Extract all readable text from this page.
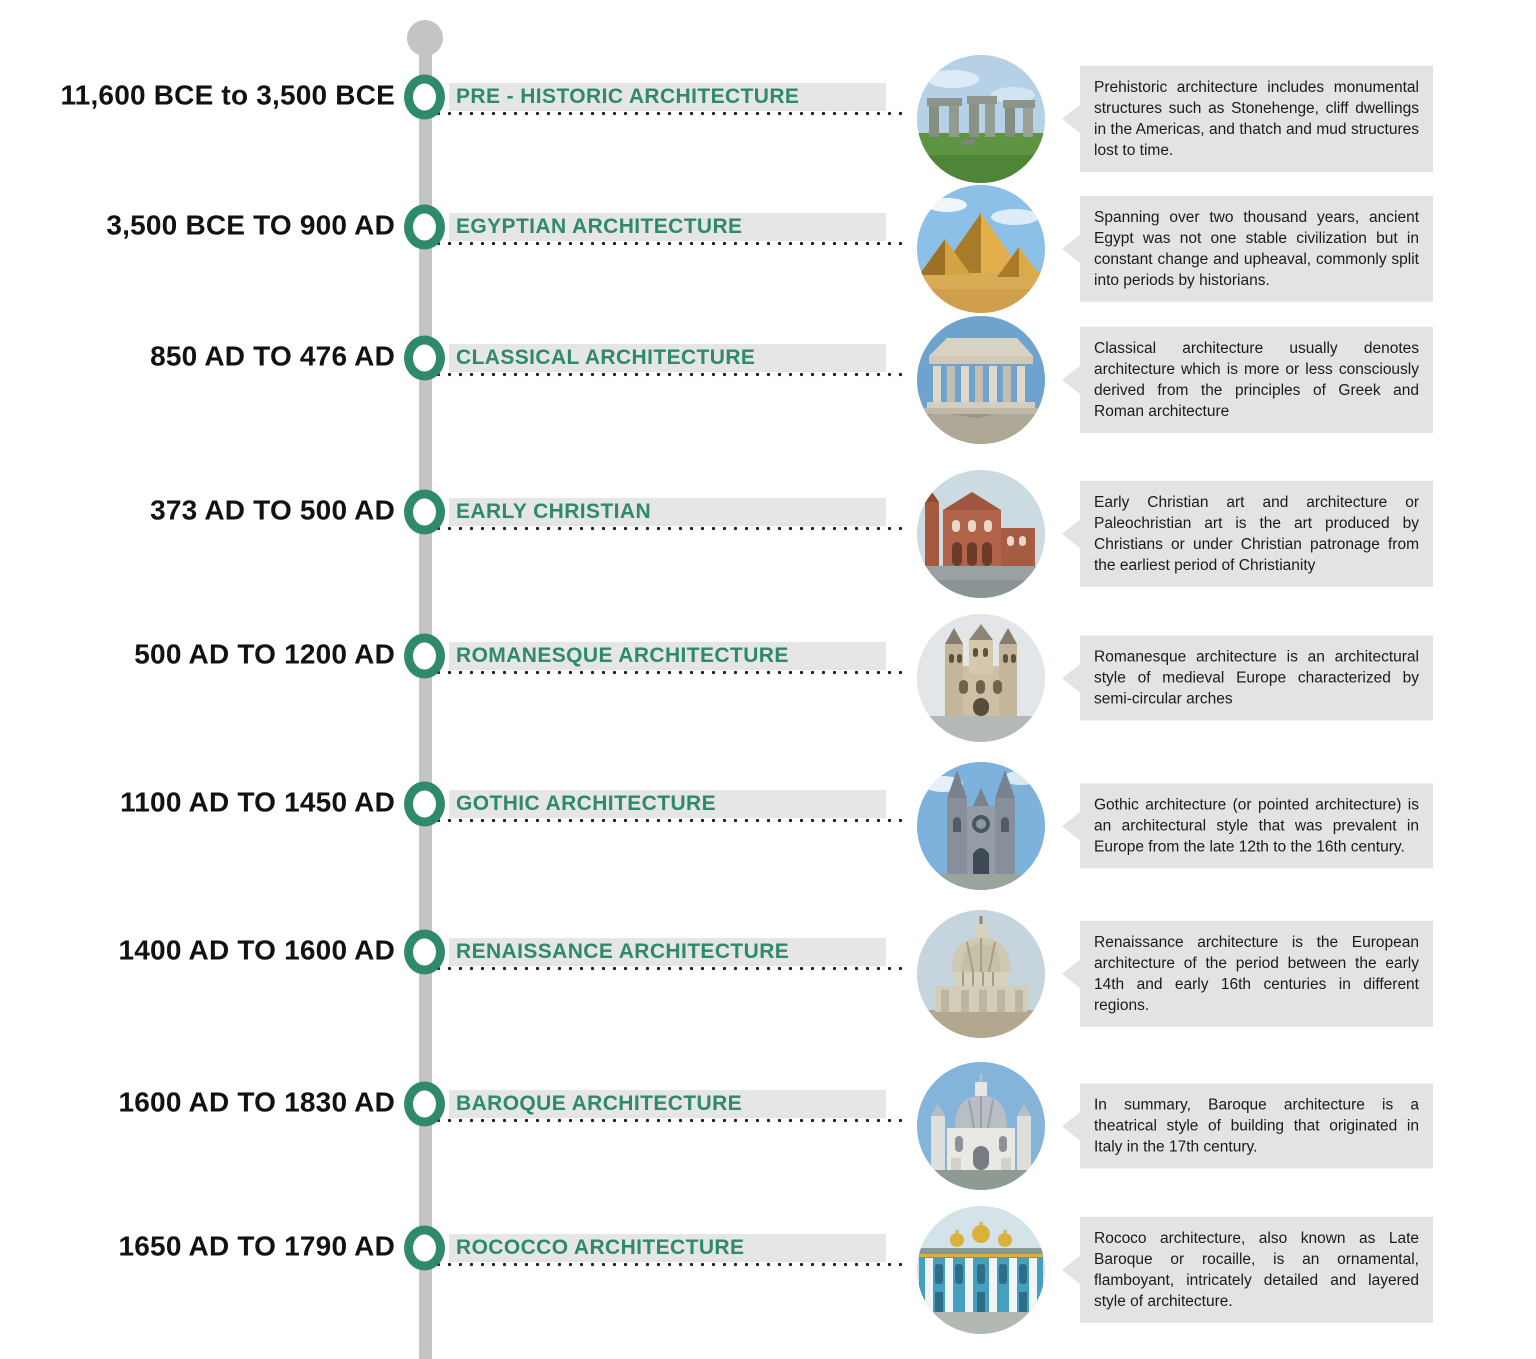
11,600 BCE to 3,500 BCE	PRE - HISTORIC ARCHITECTURE	Prehistoric architecture includes monumental structures such as Stonehenge, cliff dwellings in the Americas, and thatch and mud structures lost to time.

3,500 BCE TO 900 AD	EGYPTIAN ARCHITECTURE	Spanning over two thousand years, ancient Egypt was not one stable civilization but in constant change and upheaval, commonly split into periods by historians.

850 AD TO 476 AD	CLASSICAL ARCHITECTURE	Classical architecture usually denotes architecture which is more or less consciously derived from the principles of Greek and Roman architecture

373 AD TO 500 AD	EARLY CHRISTIAN	Early Christian art and architecture or Paleochristian art is the art produced by Christians or under Christian patronage from the earliest period of Christianity

500 AD TO 1200 AD	ROMANESQUE ARCHITECTURE	Romanesque architecture is an architectural style of medieval Europe characterized by semi-circular arches

1100 AD TO 1450 AD	GOTHIC ARCHITECTURE	Gothic architecture (or pointed architecture) is an architectural style that was prevalent in Europe from the late 12th to the 16th century.

1400 AD TO 1600 AD	RENAISSANCE ARCHITECTURE	Renaissance architecture is the European architecture of the period between the early 14th and early 16th centuries in different regions.

1600 AD TO 1830 AD	BAROQUE ARCHITECTURE	In summary, Baroque architecture is a theatrical style of building that originated in Italy in the 17th century.

1650 AD TO 1790 AD	ROCOCCO ARCHITECTURE	Rococo architecture, also known as Late Baroque or rocaille, is an ornamental, flamboyant, intricately detailed and layered style of architecture.
